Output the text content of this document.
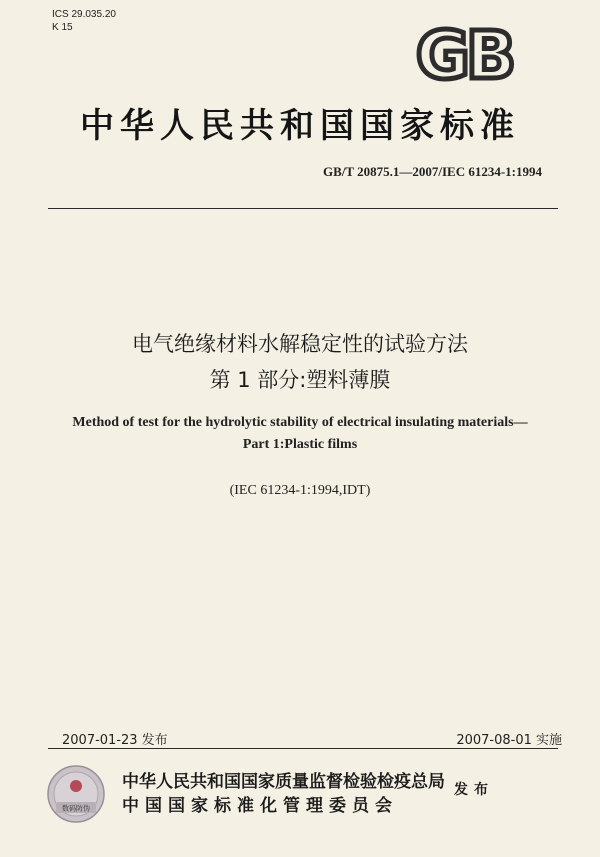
ICS 29.035.20
K 15	GB
中华人民共和国国家标准
GB/T 20875.1—2007/IEC 61234-1:1994
电气绝缘材料水解稳定性的试验方法
第 1 部分:塑料薄膜
Method of test for the hydrolytic stability of electrical insulating materials—
Part 1:Plastic films
(IEC 61234-1:1994,IDT)
2007-01-23 发布	2007-08-01 实施
数码防伪
中华人民共和国国家质量监督检验检疫总局
中国国家标准化管理委员会
发布
